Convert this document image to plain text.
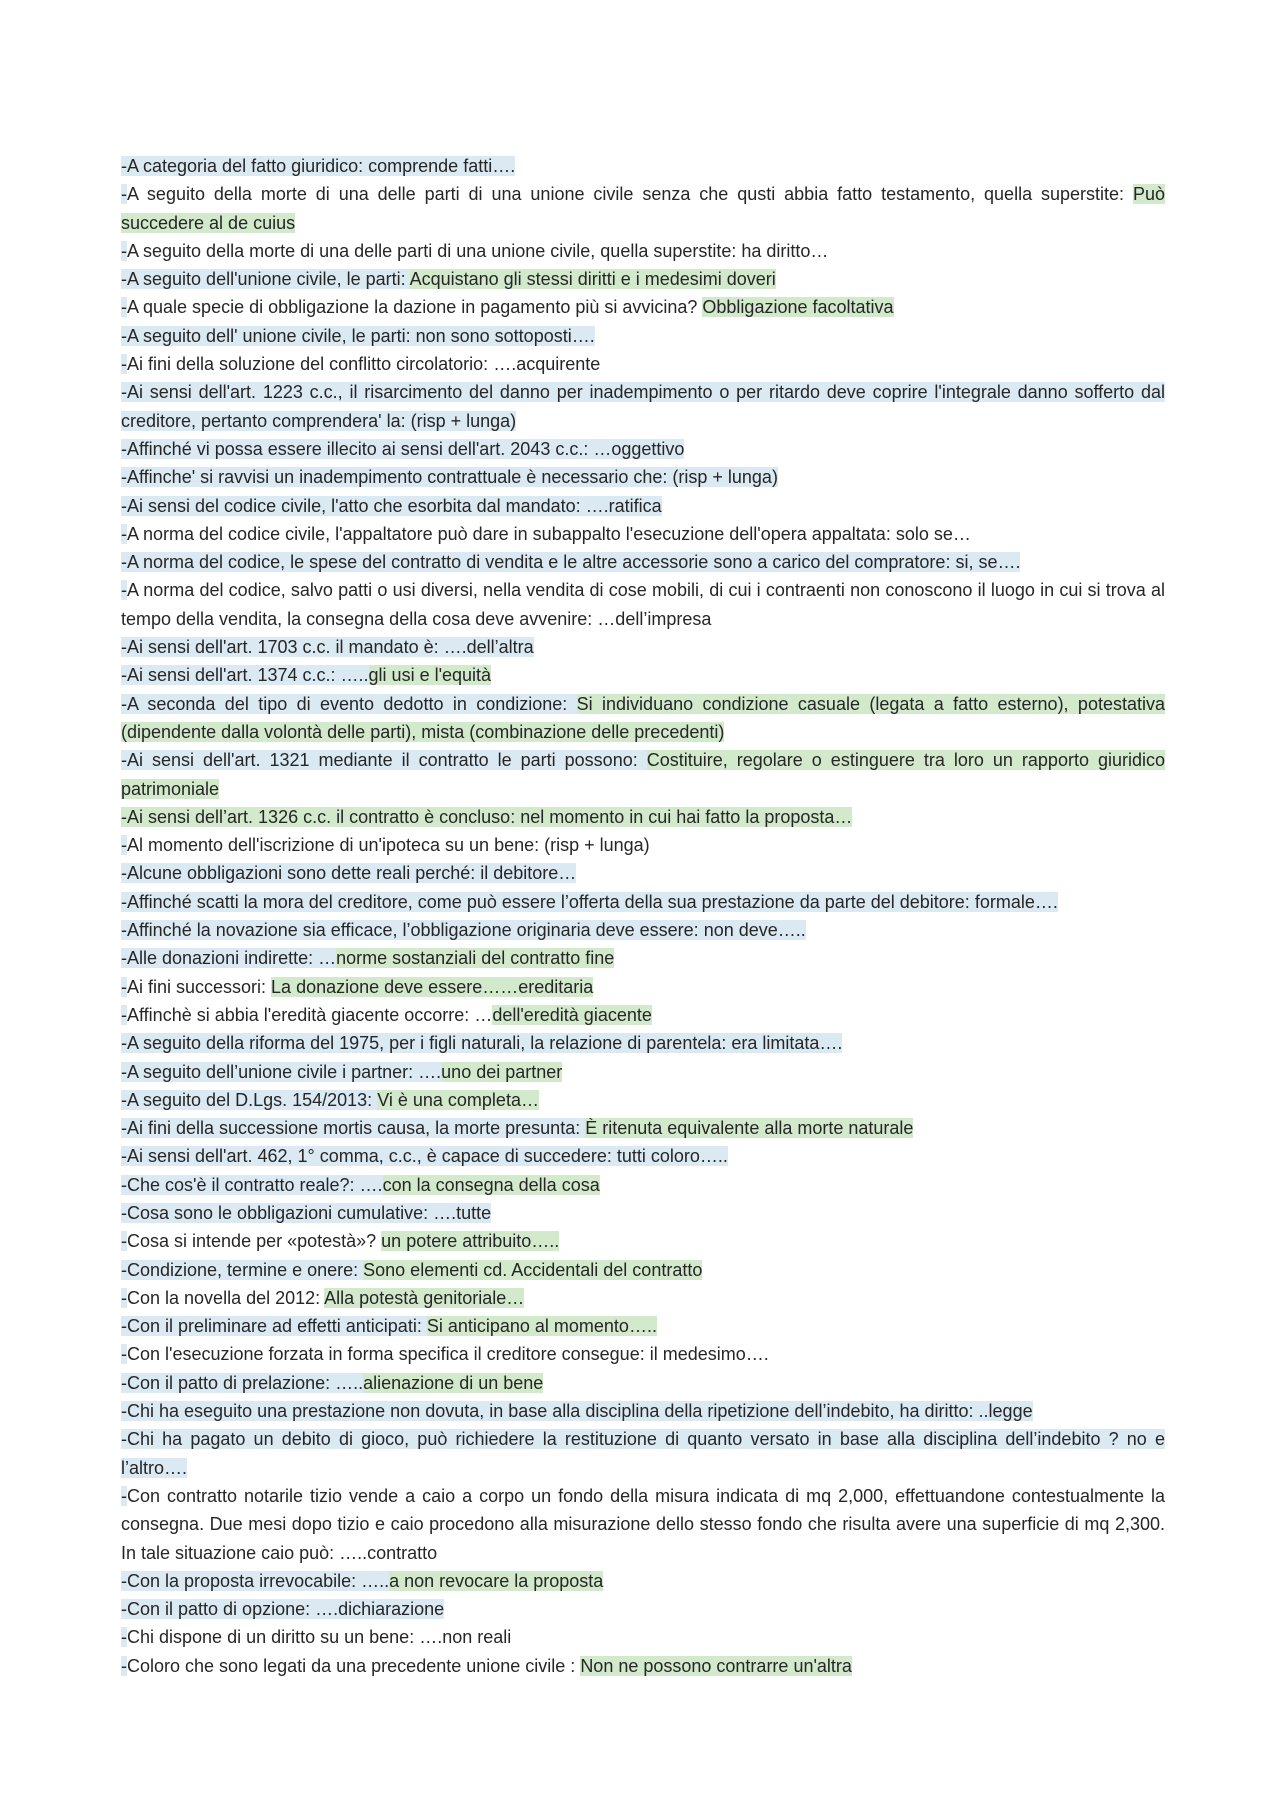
-A categoria del fatto giuridico: comprende fatti….
-A seguito della morte di una delle parti di una unione civile senza che qusti abbia fatto testamento, quella superstite: Può succedere al de cuius
-A seguito della morte di una delle parti di una unione civile, quella superstite: ha diritto…
-A seguito dell'unione civile, le parti: Acquistano gli stessi diritti e i medesimi doveri
-A quale specie di obbligazione la dazione in pagamento più si avvicina? Obbligazione facoltativa
-A seguito dell' unione civile, le parti: non sono sottoposti….
-Ai fini della soluzione del conflitto circolatorio: ….acquirente
-Ai sensi dell'art. 1223 c.c., il risarcimento del danno per inadempimento o per ritardo deve coprire l'integrale danno sofferto dal creditore, pertanto comprendera' la: (risp + lunga)
-Affinché vi possa essere illecito ai sensi dell'art. 2043 c.c.: …oggettivo
-Affinche' si ravvisi un inadempimento contrattuale è necessario che: (risp + lunga)
-Ai sensi del codice civile, l'atto che esorbita dal mandato: ….ratifica
-A norma del codice civile, l'appaltatore può dare in subappalto l'esecuzione dell'opera appaltata: solo se…
-A norma del codice, le spese del contratto di vendita e le altre accessorie sono a carico del compratore: si, se….
-A norma del codice, salvo patti o usi diversi, nella vendita di cose mobili, di cui i contraenti non conoscono il luogo in cui si trova al tempo della vendita, la consegna della cosa deve avvenire: …dell’impresa
-Ai sensi dell'art. 1703 c.c. il mandato è: ….dell’altra
-Ai sensi dell'art. 1374 c.c.: …..gli usi e l'equità
-A seconda del tipo di evento dedotto in condizione: Si individuano condizione casuale (legata a fatto esterno), potestativa (dipendente dalla volontà delle parti), mista (combinazione delle precedenti)
-Ai sensi dell'art. 1321 mediante il contratto le parti possono: Costituire, regolare o estinguere tra loro un rapporto giuridico patrimoniale
-Ai sensi dell’art. 1326 c.c. il contratto è concluso: nel momento in cui hai fatto la proposta…
-Al momento dell'iscrizione di un'ipoteca su un bene: (risp + lunga)
-Alcune obbligazioni sono dette reali perché: il debitore…
-Affinché scatti la mora del creditore, come può essere l’offerta della sua prestazione da parte del debitore: formale….
-Affinché la novazione sia efficace, l’obbligazione originaria deve essere: non deve…..
-Alle donazioni indirette: …norme sostanziali del contratto fine
-Ai fini successori: La donazione deve essere……ereditaria
-Affinchè si abbia l'eredità giacente occorre: …dell'eredità giacente
-A seguito della riforma del 1975, per i figli naturali, la relazione di parentela: era limitata….
-A seguito dell’unione civile i partner: ….uno dei partner
-A seguito del D.Lgs. 154/2013: Vi è una completa…
-Ai fini della successione mortis causa, la morte presunta: È ritenuta equivalente alla morte naturale
-Ai sensi dell'art. 462, 1° comma, c.c., è capace di succedere: tutti coloro…..
-Che cos'è il contratto reale?: ….con la consegna della cosa
-Cosa sono le obbligazioni cumulative: ….tutte
-Cosa si intende per «potestà»? un potere attribuito…..
-Condizione, termine e onere: Sono elementi cd. Accidentali del contratto
-Con la novella del 2012: Alla potestà genitoriale…
-Con il preliminare ad effetti anticipati: Si anticipano al momento…..
-Con l'esecuzione forzata in forma specifica il creditore consegue: il medesimo….
-Con il patto di prelazione: …..alienazione di un bene
-Chi ha eseguito una prestazione non dovuta, in base alla disciplina della ripetizione dell’indebito, ha diritto: ..legge
-Chi ha pagato un debito di gioco, può richiedere la restituzione di quanto versato in base alla disciplina dell’indebito ? no e l’altro….
-Con contratto notarile tizio vende a caio a corpo un fondo della misura indicata di mq 2,000, effettuandone contestualmente la consegna. Due mesi dopo tizio e caio procedono alla misurazione dello stesso fondo che risulta avere una superficie di mq 2,300. In tale situazione caio può: …..contratto
-Con la proposta irrevocabile: …..a non revocare la proposta
-Con il patto di opzione: ….dichiarazione
-Chi dispone di un diritto su un bene: ….non reali
-Coloro che sono legati da una precedente unione civile : Non ne possono contrarre un'altra
